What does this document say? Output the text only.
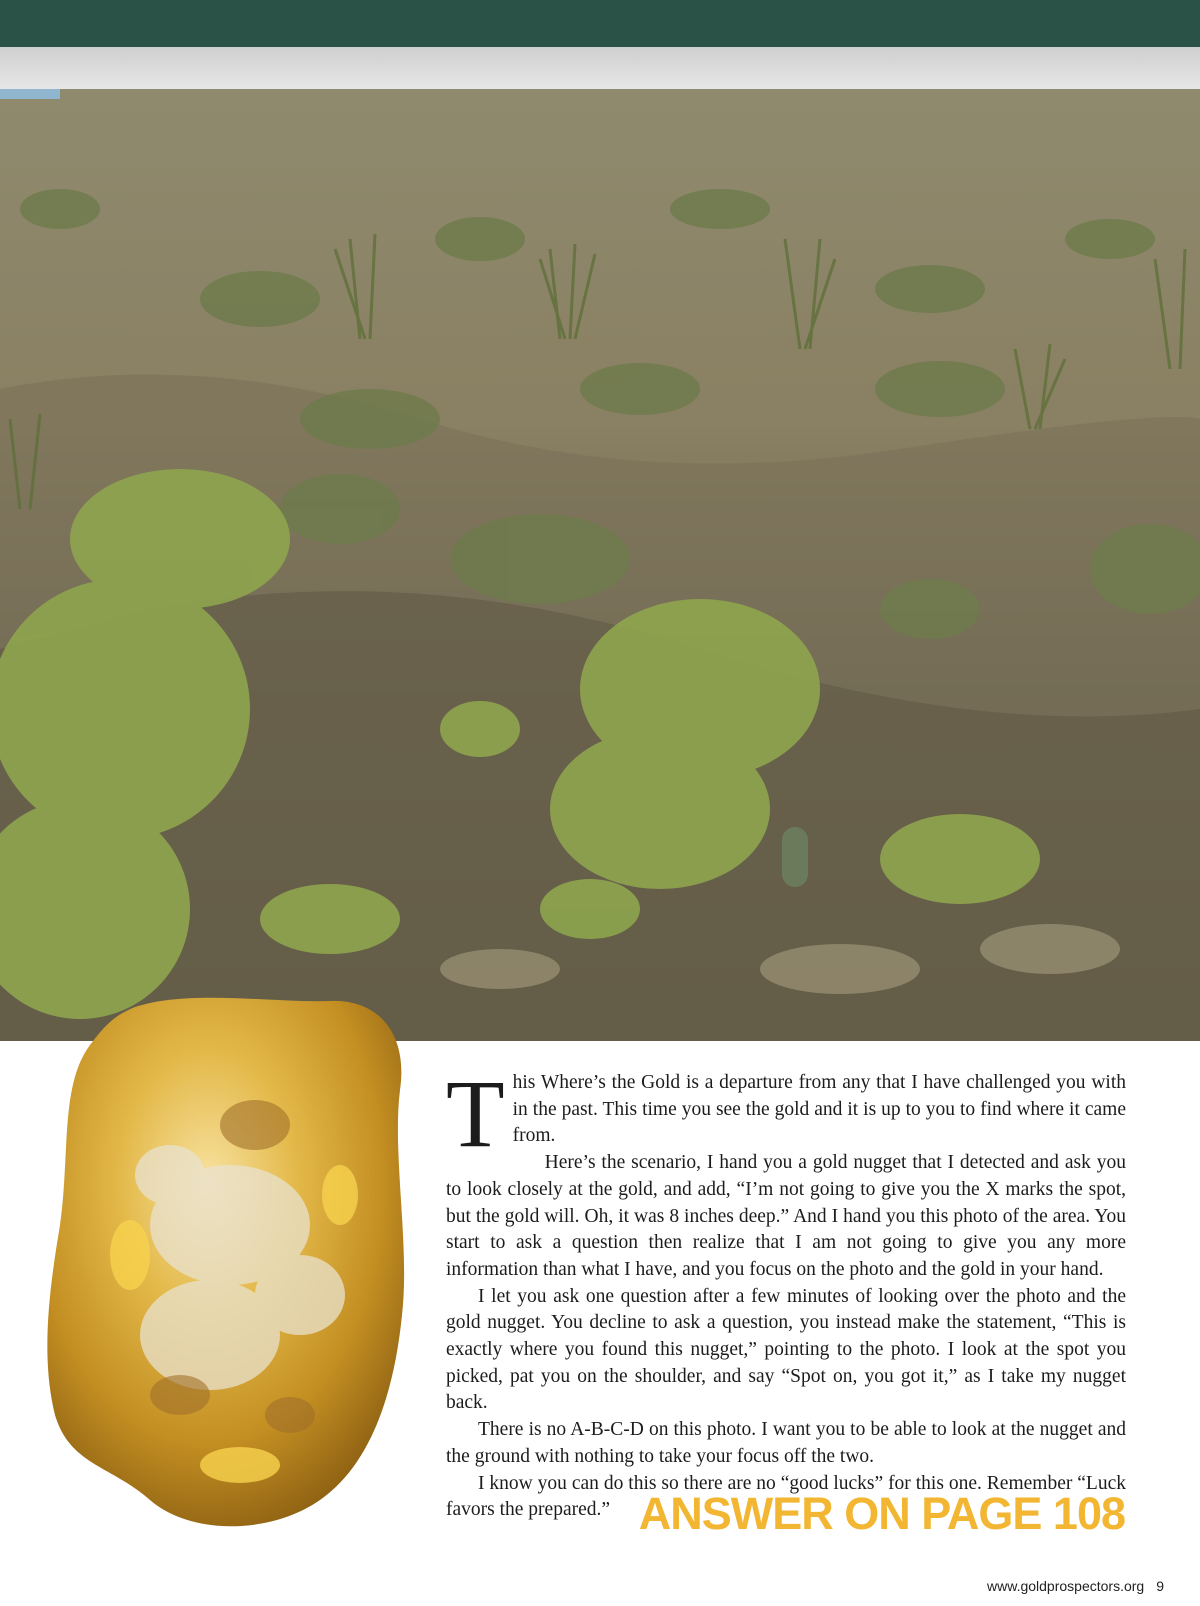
This Where’s the Gold is a departure from any that I have challenged you with in the past. This time you see the gold and it is up to you to find where it came from.

Here’s the scenario, I hand you a gold nugget that I detected and ask you to look closely at the gold, and add, “I’m not going to give you the X marks the spot, but the gold will. Oh, it was 8 inches deep.” And I hand you this photo of the area. You start to ask a question then realize that I am not going to give you any more information than what I have, and you focus on the photo and the gold in your hand.

I let you ask one question after a few minutes of looking over the photo and the gold nugget. You decline to ask a question, you instead make the statement, “This is exactly where you found this nugget,” pointing to the photo. I look at the spot you picked, pat you on the shoulder, and say “Spot on, you got it,” as I take my nugget back.

There is no A-B-C-D on this photo. I want you to be able to look at the nugget and the ground with nothing to take your focus off the two.

I know you can do this so there are no “good lucks” for this one. Remember “Luck favors the prepared.” ANSWER ON PAGE 108
www.goldprospectors.org 9
